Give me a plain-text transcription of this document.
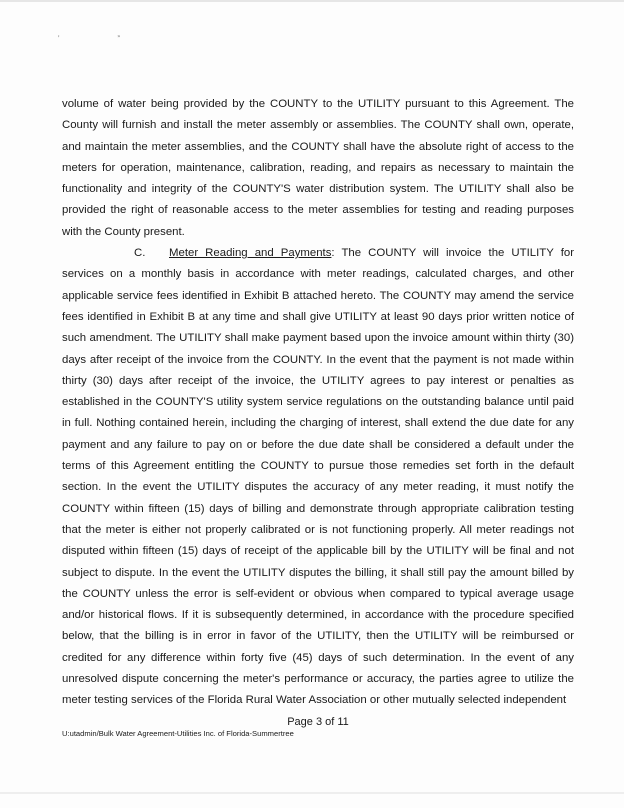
ʼ ˮ

volume of water being provided by the COUNTY to the UTILITY pursuant to this Agreement. The County will furnish and install the meter assembly or assemblies. The COUNTY shall own, operate, and maintain the meter assemblies, and the COUNTY shall have the absolute right of access to the meters for operation, maintenance, calibration, reading, and repairs as necessary to maintain the functionality and integrity of the COUNTY'S water distribution system. The UTILITY shall also be provided the right of reasonable access to the meter assemblies for testing and reading purposes with the County present.

C. Meter Reading and Payments: The COUNTY will invoice the UTILITY for services on a monthly basis in accordance with meter readings, calculated charges, and other applicable service fees identified in Exhibit B attached hereto. The COUNTY may amend the service fees identified in Exhibit B at any time and shall give UTILITY at least 90 days prior written notice of such amendment. The UTILITY shall make payment based upon the invoice amount within thirty (30) days after receipt of the invoice from the COUNTY. In the event that the payment is not made within thirty (30) days after receipt of the invoice, the UTILITY agrees to pay interest or penalties as established in the COUNTY'S utility system service regulations on the outstanding balance until paid in full. Nothing contained herein, including the charging of interest, shall extend the due date for any payment and any failure to pay on or before the due date shall be considered a default under the terms of this Agreement entitling the COUNTY to pursue those remedies set forth in the default section. In the event the UTILITY disputes the accuracy of any meter reading, it must notify the COUNTY within fifteen (15) days of billing and demonstrate through appropriate calibration testing that the meter is either not properly calibrated or is not functioning properly. All meter readings not disputed within fifteen (15) days of receipt of the applicable bill by the UTILITY will be final and not subject to dispute. In the event the UTILITY disputes the billing, it shall still pay the amount billed by the COUNTY unless the error is self-evident or obvious when compared to typical average usage and/or historical flows. If it is subsequently determined, in accordance with the procedure specified below, that the billing is in error in favor of the UTILITY, then the UTILITY will be reimbursed or credited for any difference within forty five (45) days of such determination. In the event of any unresolved dispute concerning the meter's performance or accuracy, the parties agree to utilize the meter testing services of the Florida Rural Water Association or other mutually selected independent

Page 3 of 11
U:utadmin/Bulk Water Agreement-Utilities Inc. of Florida-Summertree
